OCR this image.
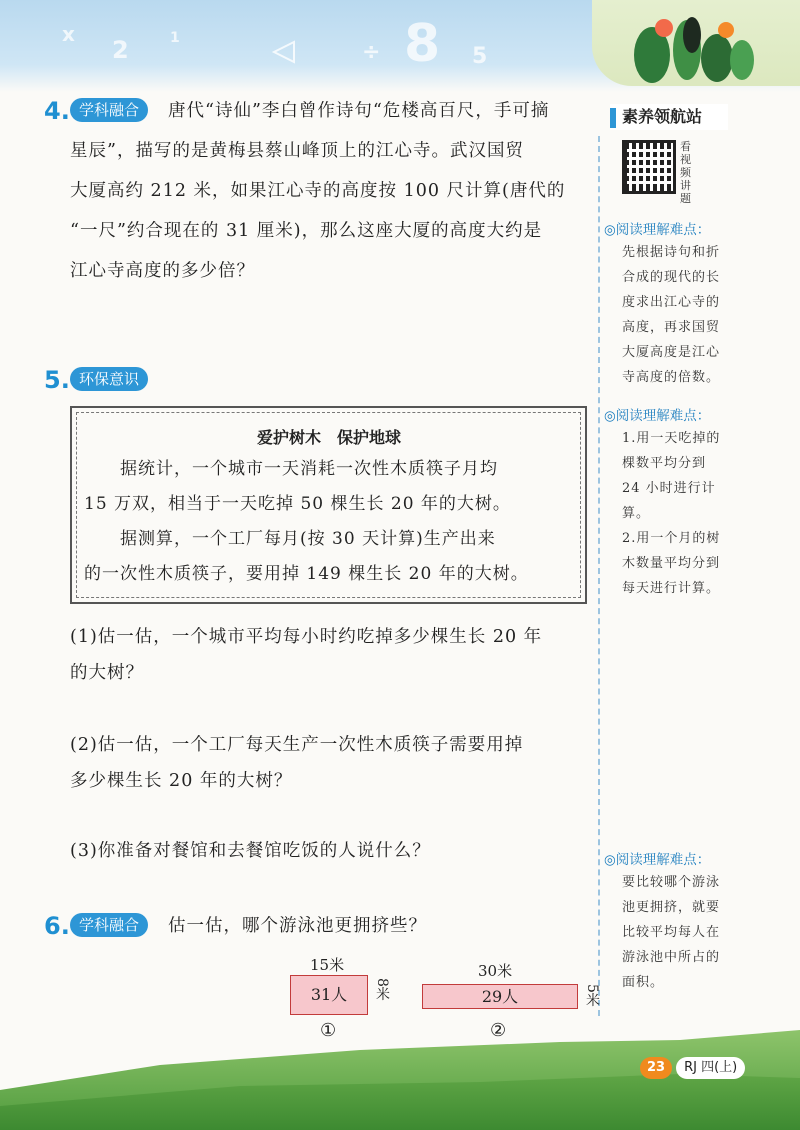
x
2	1
÷ 8 5
4. 学科融合	唐代“诗仙”李白曾作诗句“危楼高百尺，手可摘
星辰”，描写的是黄梅县蔡山峰顶上的江心寺。武汉国贸
大厦高约 212 米，如果江心寺的高度按 100 尺计算(唐代的
“一尺”约合现在的 31 厘米)，那么这座大厦的高度大约是
江心寺高度的多少倍？
素养领航站
看视频讲题
◎阅读理解难点：
先根据诗句和折
合成的现代的长
度求出江心寺的
高度，再求国贸
大厦高度是江心
寺高度的倍数。
◎阅读理解难点：
1.用一天吃掉的
棵数平均分到
24 小时进行计算。
2.用一个月的树
木数量平均分到
每天进行计算。
◎阅读理解难点：
要比较哪个游泳
池更拥挤，就要
比较平均每人在
游泳池中所占的
面积。
5. 环保意识
爱护树木　保护地球
　　据统计，一个城市一天消耗一次性木质筷子月均
15 万双，相当于一天吃掉 50 棵生长 20 年的大树。
　　据测算，一个工厂每月(按 30 天计算)生产出来
的一次性木质筷子，要用掉 149 棵生长 20 年的大树。
(1)估一估，一个城市平均每小时约吃掉多少棵生长 20 年
的大树？
(2)估一估，一个工厂每天生产一次性木质筷子需要用掉
多少棵生长 20 年的大树？
(3)你准备对餐馆和去餐馆吃饭的人说什么？
6. 学科融合	估一估，哪个游泳池更拥挤些？
15米
31人	8米
①
30米
29人	5米
②
23 RJ 四(上)
